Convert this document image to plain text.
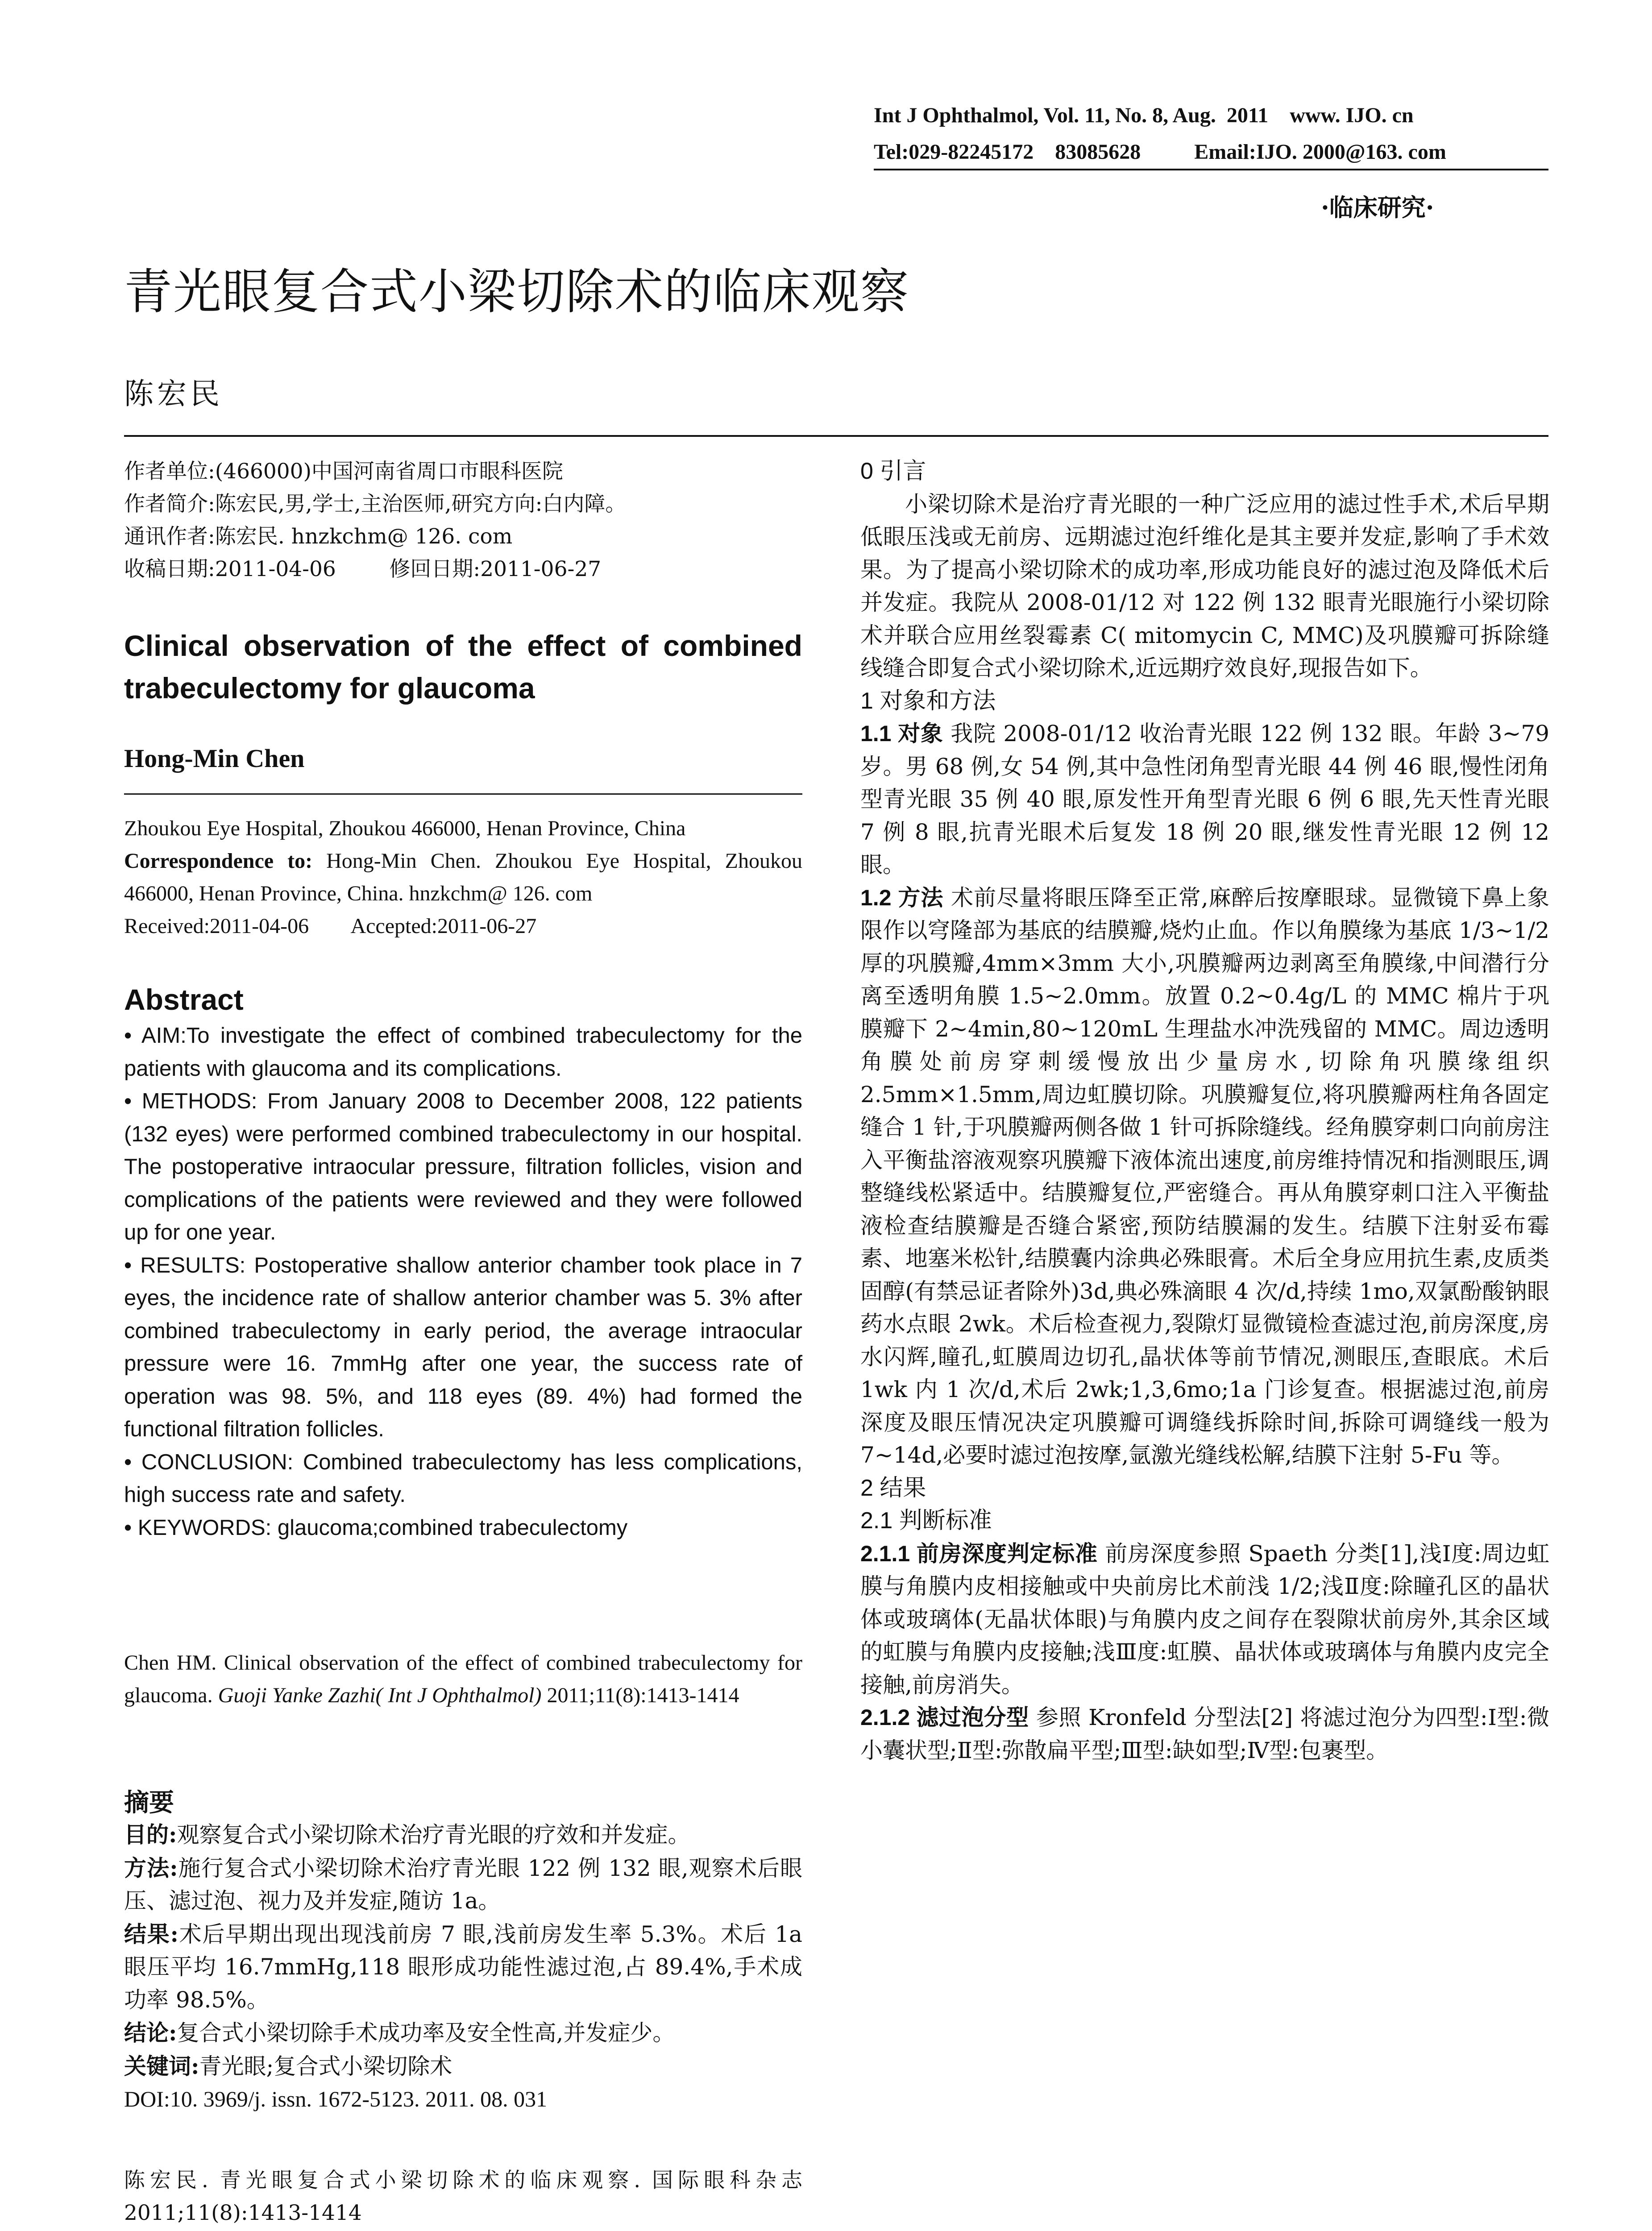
Int J Ophthalmol, Vol. 11, No. 8, Aug.  2011    www. IJO. cn
Tel:029-82245172    83085628          Email:IJO. 2000@163. com
·临床研究·
青光眼复合式小梁切除术的临床观察
陈宏民

作者单位:(466000)中国河南省周口市眼科医院

作者简介:陈宏民,男,学士,主治医师,研究方向:白内障。

通讯作者:陈宏民. hnzkchm@ 126. com

收稿日期:2011-04-06        修回日期:2011-06-27

Clinical observation of the effect of combined trabeculectomy for glaucoma
Hong-Min Chen

Zhoukou Eye Hospital, Zhoukou 466000, Henan Province, China

Correspondence to: Hong-Min Chen. Zhoukou Eye Hospital, Zhoukou 466000, Henan Province, China. hnzkchm@ 126. com

Received:2011-04-06        Accepted:2011-06-27

Abstract

• AIM:To investigate the effect of combined trabeculectomy for the patients with glaucoma and its complications.

• METHODS: From January 2008 to December 2008, 122 patients (132 eyes) were performed combined trabeculectomy in our hospital. The postoperative intraocular pressure, filtration follicles, vision and complications of the patients were reviewed and they were followed up for one year.

• RESULTS: Postoperative shallow anterior chamber took place in 7 eyes, the incidence rate of shallow anterior chamber was 5. 3% after combined trabeculectomy in early period, the average intraocular pressure were 16. 7mmHg after one year, the success rate of operation was 98. 5%, and 118 eyes (89. 4%) had formed the functional filtration follicles.

• CONCLUSION: Combined trabeculectomy has less complications, high success rate and safety.

• KEYWORDS: glaucoma;combined trabeculectomy

Chen HM. Clinical observation of the effect of combined trabeculectomy for glaucoma. Guoji Yanke Zazhi( Int J Ophthalmol) 2011;11(8):1413-1414

摘要

目的:观察复合式小梁切除术治疗青光眼的疗效和并发症。

方法:施行复合式小梁切除术治疗青光眼 122 例 132 眼,观察术后眼压、滤过泡、视力及并发症,随访 1a。

结果:术后早期出现出现浅前房 7 眼,浅前房发生率 5.3%。术后 1a 眼压平均 16.7mmHg,118 眼形成功能性滤过泡,占 89.4%,手术成功率 98.5%。

结论:复合式小梁切除手术成功率及安全性高,并发症少。

关键词:青光眼;复合式小梁切除术

DOI:10. 3969/j. issn. 1672-5123. 2011. 08. 031

陈宏民. 青光眼复合式小梁切除术的临床观察. 国际眼科杂志 2011;11(8):1413-1414

0 引言

小梁切除术是治疗青光眼的一种广泛应用的滤过性手术,术后早期低眼压浅或无前房、远期滤过泡纤维化是其主要并发症,影响了手术效果。为了提高小梁切除术的成功率,形成功能良好的滤过泡及降低术后并发症。我院从 2008-01/12 对 122 例 132 眼青光眼施行小梁切除术并联合应用丝裂霉素 C( mitomycin C, MMC)及巩膜瓣可拆除缝线缝合即复合式小梁切除术,近远期疗效良好,现报告如下。

1 对象和方法

1.1 对象 我院 2008-01/12 收治青光眼 122 例 132 眼。年龄 3~79 岁。男 68 例,女 54 例,其中急性闭角型青光眼 44 例 46 眼,慢性闭角型青光眼 35 例 40 眼,原发性开角型青光眼 6 例 6 眼,先天性青光眼 7 例 8 眼,抗青光眼术后复发 18 例 20 眼,继发性青光眼 12 例 12 眼。

1.2 方法 术前尽量将眼压降至正常,麻醉后按摩眼球。显微镜下鼻上象限作以穹隆部为基底的结膜瓣,烧灼止血。作以角膜缘为基底 1/3~1/2 厚的巩膜瓣,4mm×3mm 大小,巩膜瓣两边剥离至角膜缘,中间潜行分离至透明角膜 1.5~2.0mm。放置 0.2~0.4g/L 的 MMC 棉片于巩膜瓣下 2~4min,80~120mL 生理盐水冲洗残留的 MMC。周边透明角膜处前房穿刺缓慢放出少量房水,切除角巩膜缘组织 2.5mm×1.5mm,周边虹膜切除。巩膜瓣复位,将巩膜瓣两柱角各固定缝合 1 针,于巩膜瓣两侧各做 1 针可拆除缝线。经角膜穿刺口向前房注入平衡盐溶液观察巩膜瓣下液体流出速度,前房维持情况和指测眼压,调整缝线松紧适中。结膜瓣复位,严密缝合。再从角膜穿刺口注入平衡盐液检查结膜瓣是否缝合紧密,预防结膜漏的发生。结膜下注射妥布霉素、地塞米松针,结膜囊内涂典必殊眼膏。术后全身应用抗生素,皮质类固醇(有禁忌证者除外)3d,典必殊滴眼 4 次/d,持续 1mo,双氯酚酸钠眼药水点眼 2wk。术后检查视力,裂隙灯显微镜检查滤过泡,前房深度,房水闪辉,瞳孔,虹膜周边切孔,晶状体等前节情况,测眼压,查眼底。术后 1wk 内 1 次/d,术后 2wk;1,3,6mo;1a 门诊复查。根据滤过泡,前房深度及眼压情况决定巩膜瓣可调缝线拆除时间,拆除可调缝线一般为 7~14d,必要时滤过泡按摩,氩激光缝线松解,结膜下注射 5-Fu 等。

2 结果

2.1 判断标准

2.1.1 前房深度判定标准 前房深度参照 Spaeth 分类[1],浅Ⅰ度:周边虹膜与角膜内皮相接触或中央前房比术前浅 1/2;浅Ⅱ度:除瞳孔区的晶状体或玻璃体(无晶状体眼)与角膜内皮之间存在裂隙状前房外,其余区域的虹膜与角膜内皮接触;浅Ⅲ度:虹膜、晶状体或玻璃体与角膜内皮完全接触,前房消失。

2.1.2 滤过泡分型 参照 Kronfeld 分型法[2] 将滤过泡分为四型:Ⅰ型:微小囊状型;Ⅱ型:弥散扁平型;Ⅲ型:缺如型;Ⅳ型:包裹型。
